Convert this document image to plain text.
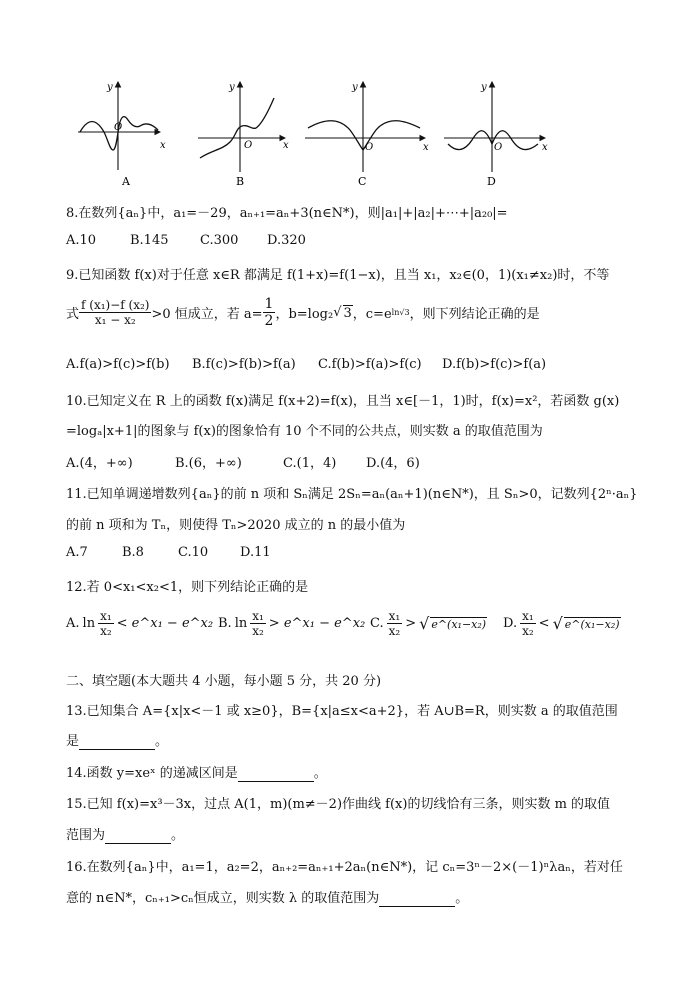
y
x
O
A
y
x
O
B
y
x
O
C
y
x
O
D
8.在数列{aₙ}中，a₁=－29，aₙ₊₁=aₙ+3(n∈N*)，则|a₁|+|a₂|+⋯+|a₂₀|=
A.10	B.145 C.300 D.320
9.已知函数 f(x)对于任意 x∈R 都满足 f(1+x)=f(1−x)，且当 x₁，x₂∈(0，1)(x₁≠x₂)时，不等
式 $\frac{\text{f (x₁)−f (x₂)}}{\text{x₁ − x₂}} >0$ 恒成立，若 $a= \frac{1}{2}$ ，b=log₂ √ 3 ，c=e ln√3 ，则下列结论正确的是
A.f(a)>f(c)>f(b) B.f(c)>f(b)>f(a) C.f(b)>f(a)>f(c) D.f(b)>f(c)>f(a)
10.已知定义在 R 上的函数 f(x)满足 f(x+2)=f(x)，且当 x∈[－1，1)时，f(x)=x²，若函数 g(x)
=logₐ|x+1|的图象与 f(x)的图象恰有 10 个不同的公共点，则实数 a 的取值范围为
A.(4，+∞)	B.(6，+∞)	C.(1，4) D.(4，6)
11.已知单调递增数列{aₙ}的前 n 项和 Sₙ满足 2Sₙ=aₙ(aₙ+1)(n∈N*)，且 Sₙ>0，记数列{2ⁿ·aₙ}
的前 n 项和为 Tₙ，则使得 Tₙ>2020 成立的 n 的最小值为
A.7	B.8	C.10 D.11
12.若 0<x₁<x₂<1，则下列结论正确的是
A. $\ln \frac{\text{x₁}}{\text{x₂}}$ < e^x₁ − e^x₂ B. $\ln \frac{\text{x₁}}{\text{x₂}}$ > e^x₁ − e^x₂ C. $\frac{\text{x₁}}{\text{x₂}}$ > √ e^(x₁−x₂) D. $\frac{\text{x₁}}{\text{x₂}}$ < √ e^(x₁−x₂)
二、填空题(本大题共 4 小题，每小题 5 分，共 20 分)
13.已知集合 A={x|x<－1 或 x≥0}，B={x|a≤x<a+2}，若 A∪B=R，则实数 a 的取值范围
是	。
14.函数 y=xeˣ 的递减区间是	。
15.已知 f(x)=x³－3x，过点 A(1，m)(m≠－2)作曲线 f(x)的切线恰有三条，则实数 m 的取值
范围为	。
16.在数列{aₙ}中，a₁=1，a₂=2，aₙ₊₂=aₙ₊₁+2aₙ(n∈N*)，记 cₙ=3ⁿ－2×(－1)ⁿλaₙ，若对任
意的 n∈N*，cₙ₊₁>cₙ恒成立，则实数 λ 的取值范围为	。
